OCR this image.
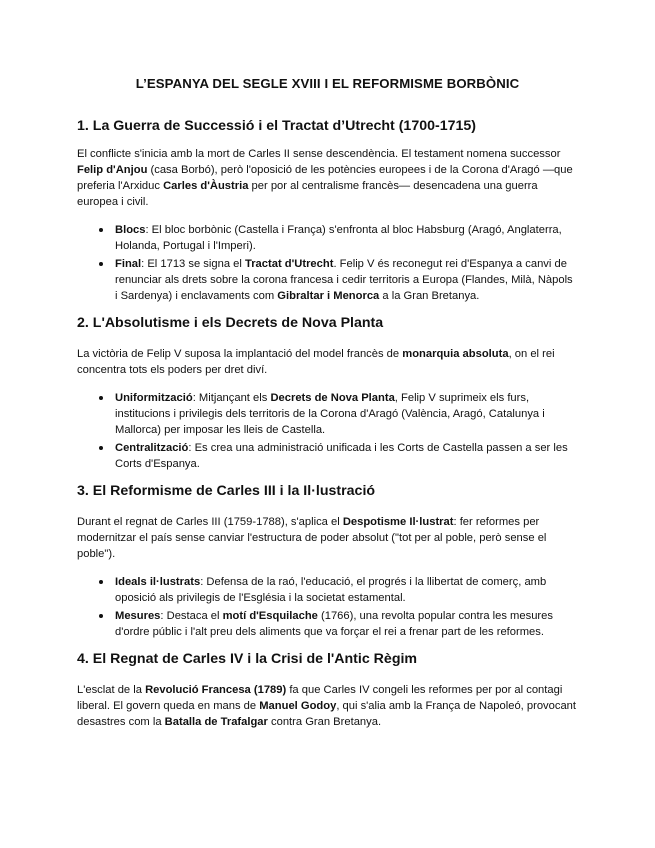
L’ESPANYA DEL SEGLE XVIII I EL REFORMISME BORBÒNIC
1. La Guerra de Successió i el Tractat d’Utrecht (1700-1715)

El conflicte s'inicia amb la mort de Carles II sense descendència. El testament nomena successor Felip d'Anjou (casa Borbó), però l'oposició de les potències europees i de la Corona d'Aragó —que preferia l'Arxiduc Carles d'Àustria per por al centralisme francès— desencadena una guerra europea i civil.

Blocs: El bloc borbònic (Castella i França) s'enfronta al bloc Habsburg (Aragó, Anglaterra, Holanda, Portugal i l'Imperi).
Final: El 1713 se signa el Tractat d'Utrecht. Felip V és reconegut rei d'Espanya a canvi de renunciar als drets sobre la corona francesa i cedir territoris a Europa (Flandes, Milà, Nàpols i Sardenya) i enclavaments com Gibraltar i Menorca a la Gran Bretanya.
2. L'Absolutisme i els Decrets de Nova Planta

La victòria de Felip V suposa la implantació del model francès de monarquia absoluta, on el rei concentra tots els poders per dret diví.

Uniformització: Mitjançant els Decrets de Nova Planta, Felip V suprimeix els furs, institucions i privilegis dels territoris de la Corona d'Aragó (València, Aragó, Catalunya i Mallorca) per imposar les lleis de Castella.
Centralització: Es crea una administració unificada i les Corts de Castella passen a ser les Corts d'Espanya.
3. El Reformisme de Carles III i la Il·lustració

Durant el regnat de Carles III (1759-1788), s'aplica el Despotisme Il·lustrat: fer reformes per modernitzar el país sense canviar l'estructura de poder absolut ("tot per al poble, però sense el poble").

Ideals il·lustrats: Defensa de la raó, l'educació, el progrés i la llibertat de comerç, amb oposició als privilegis de l'Església i la societat estamental.
Mesures: Destaca el motí d'Esquilache (1766), una revolta popular contra les mesures d'ordre públic i l'alt preu dels aliments que va forçar el rei a frenar part de les reformes.
4. El Regnat de Carles IV i la Crisi de l'Antic Règim

L'esclat de la Revolució Francesa (1789) fa que Carles IV congeli les reformes per por al contagi liberal. El govern queda en mans de Manuel Godoy, qui s'alia amb la França de Napoleó, provocant desastres com la Batalla de Trafalgar contra Gran Bretanya.
